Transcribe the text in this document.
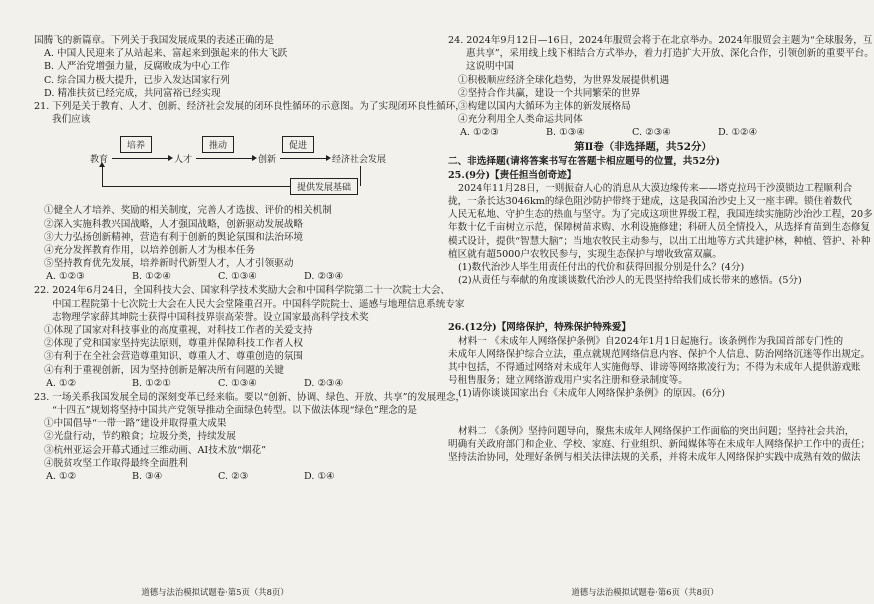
国腾飞的新篇章。下列关于我国发展成果的表述正确的是
A. 中国人民迎来了从站起来、富起来到强起来的伟大飞跃
B. 人严治党增强力量，反腐败成为中心工作
C. 综合国力极大提升，已步入发达国家行列
D. 精准扶贫已经完成，共同富裕已经实现
21. 下列是关于教育、人才、创新、经济社会发展的闭环良性循环的示意图。为了实现闭环良性循环，
我们应该
教育
培养
人才
推动
创新
促进
经济社会发展
提供发展基础
①健全人才培养、奖励的相关制度，完善人才选拔、评价的相关机制
②深入实施科教兴国战略，人才强国战略，创新驱动发展战略
③大力弘扬创新精神，营造有利于创新的舆论氛围和法治环境
④充分发挥教育作用，以培养创新人才为根本任务
⑤坚持教育优先发展，培养新时代新型人才，人才引领驱动
A. ①②③	B. ①②④	C. ①③④	D. ②③④
22. 2024年6月24日，全国科技大会、国家科学技术奖励大会和中国科学院第二十一次院士大会、
中国工程院第十七次院士大会在人民大会堂隆重召开。中国科学院院士、遥感与地理信息系统专家
志物理学家薛其坤院士获得中国科技界崇高荣誉。设立国家最高科学技术奖
①体现了国家对科技事业的高度重视，对科技工作者的关爱支持
②体现了党和国家坚持宪法原则，尊重并保障科技工作者人权
③有利于在全社会营造尊重知识、尊重人才、尊重创造的氛围
④有利于重视创新，因为坚持创新是解决所有问题的关键
A. ①②	B. ①②①	C. ①③④	D. ②③④
23. 一场关系我国发展全局的深刻变革已经来临。要以“创新、协调、绿色、开放、共享”的发展理念，
“十四五”规划将坚持中国共产党领导推动全面绿色转型。以下做法体现“绿色”理念的是
①中国倡导“一带一路”建设并取得重大成果
②光盘行动，节约粮食；垃圾分类，持续发展
③杭州亚运会开幕式通过三维动画、AI技术放“烟花”
④脱贫攻坚工作取得最终全面胜利
A. ①②	B. ③④	C. ②③	D. ①④
道德与法治模拟试题卷·第5页（共8页）
24. 2024年9月12日—16日，2024年服贸会将于在北京举办。2024年服贸会主题为“全球服务，互
惠共享”，采用线上线下相结合方式举办，着力打造扩大开放、深化合作，引领创新的重要平台。
这说明中国
①积极顺应经济全球化趋势，为世界发展提供机遇
②坚持合作共赢，建设一个共同繁荣的世界
③构建以国内大循环为主体的新发展格局
④充分利用全人类命运共同体
A. ①②③	B. ①③④	C. ②③④	D. ①②④
第Ⅱ卷（非选择题，共52分）
二、非选择题(请将答案书写在答题卡相应题号的位置，共52分)
25.(9分)【责任担当创奇迹】
2024年11月28日，一则振奋人心的消息从大漠边缘传来——塔克拉玛干沙漠锁边工程顺利合
拢，一条长达3046km的绿色阻沙防护带终于建成，这是我国治沙史上又一座丰碑。锁住着数代
人民无私地、守护生态的热血与坚守。为了完成这项世界级工程，我国连续实施防沙治沙工程，20多
年数十亿千亩树立示范，保障树苗求购、水利设施修建；科研人员全情投入，从选择育苗到生态修复
模式设计，提供“智慧大脑”；当地农牧民主动参与，以出工出地等方式共建护林，种植、管护、补种
植区就有超5000户农牧民参与，实现生态保护与增收致富双赢。
(1)数代治沙人毕生用责任付出的代价和获得回报分别是什么？(4分)
(2)从责任与奉献的角度谈谈数代治沙人的无畏坚持给我们成长带来的感悟。(5分)
26.(12分)【网络保护，特殊保护特殊爱】
材料一 《未成年人网络保护条例》自2024年1月1日起施行。该条例作为我国首部专门性的
未成年人网络保护综合立法，重点就规范网络信息内容、保护个人信息、防治网络沉迷等作出规定。
其中包括，不得通过网络对未成年人实施侮辱、诽谤等网络欺凌行为；不得为未成年人提供游戏账
号租售服务；建立网络游戏用户实名注册和登录制度等。
(1)请你谈谈国家出台《未成年人网络保护条例》的原因。(6分)
材料二 《条例》坚持问题导向，聚焦未成年人网络保护工作面临的突出问题；坚持社会共治，
明确有关政府部门和企业、学校、家庭、行业组织、新闻媒体等在未成年人网络保护工作中的责任；
坚持法治协同，处理好条例与相关法律法规的关系，并将未成年人网络保护实践中成熟有效的做法
道德与法治模拟试题卷·第6页（共8页）
